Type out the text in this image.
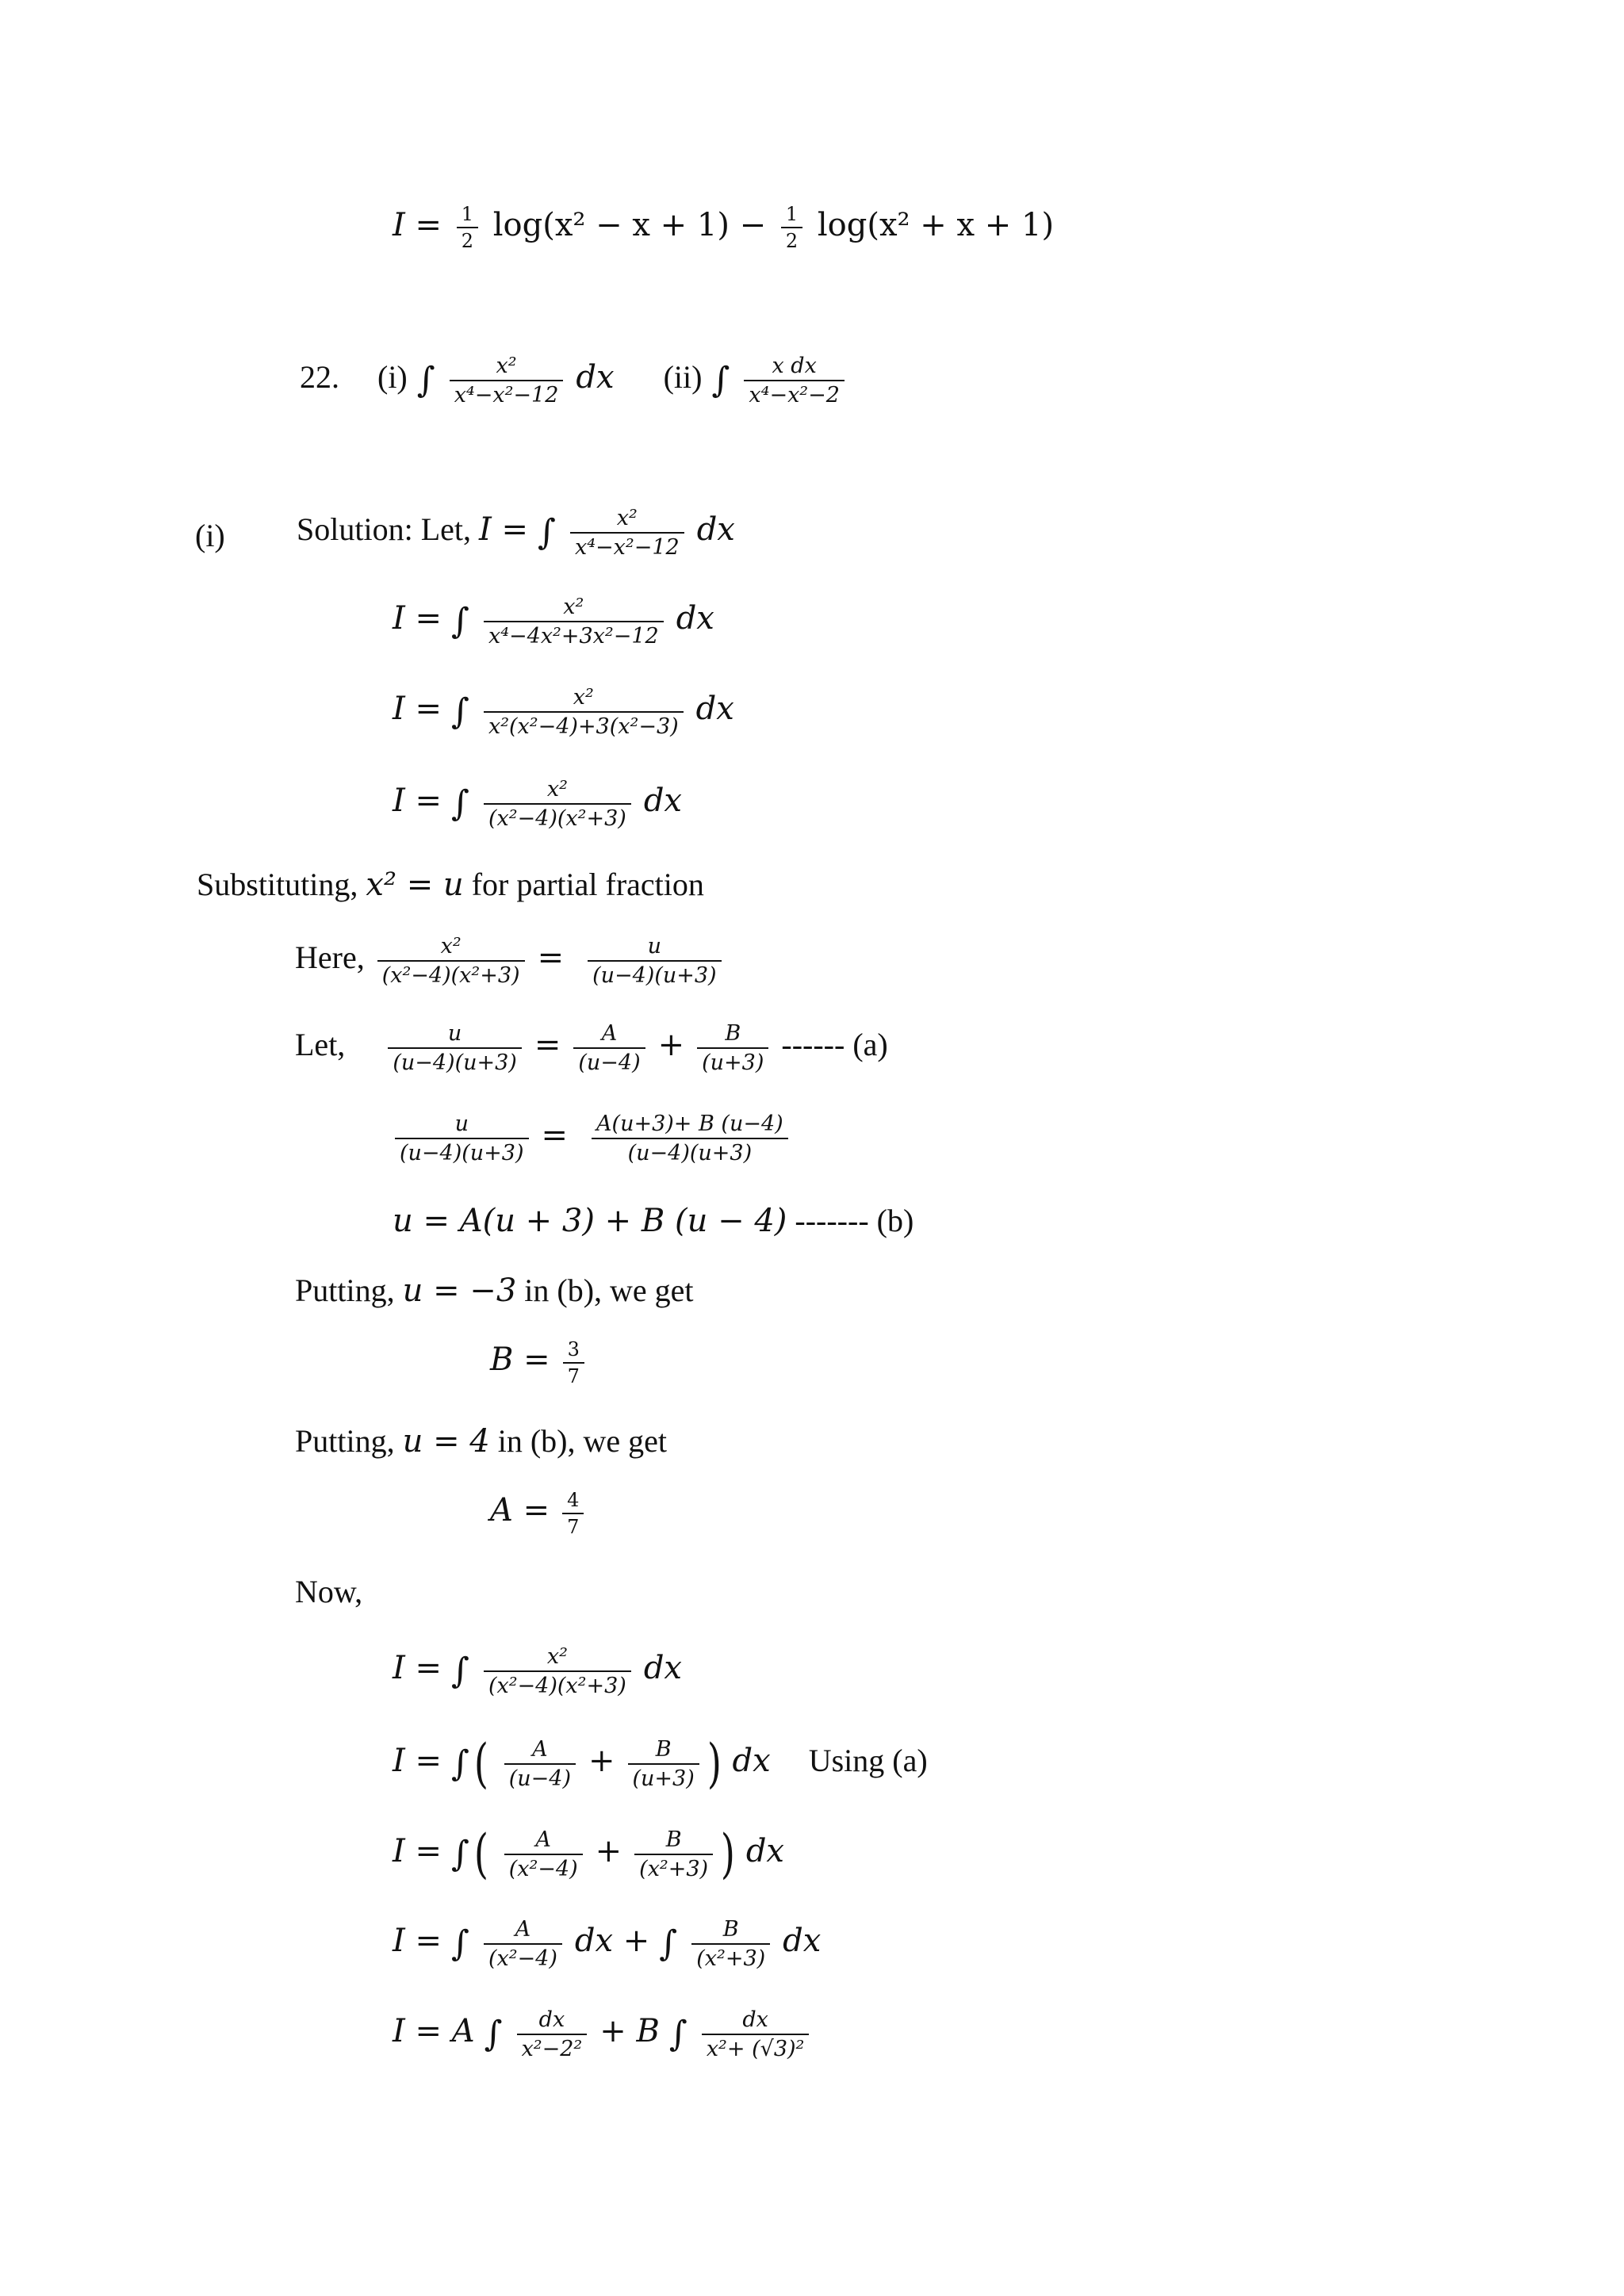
$I = \frac{1}{2} \log(x^2 - x + 1) - \frac{1}{2} \log(x^2 + x + 1)$
22. (i) ∫ $\frac{\text{x²}}{\text{x⁴−x²−12}}$ dx (ii) ∫ $\frac{\text{x dx}}{\text{x⁴−x²−2}}$
(i) Solution: Let, I = ∫ $\frac{\text{x²}}{\text{x⁴−x²−12}}$ dx
I = ∫ $\frac{\text{x²}}{\text{x⁴−4x²+3x²−12}}$ dx
I = ∫ $\frac{\text{x²}}{\text{x²(x²−4)+3(x²−3)}}$ dx
I = ∫ $\frac{\text{x²}}{\text{(x²−4)(x²+3)}}$ dx
Substituting, x² = u for partial fraction
Here, $\frac{\text{x²}}{\text{(x²−4)(x²+3)}} = \frac{u}{(u-4)(u+3)}$
Let, $\frac{u}{(u-4)(u+3)} = \frac{A}{(u-4)} + \frac{B}{(u+3)}$ ------ (a)
$\frac{u}{(u-4)(u+3)} = \frac{A(u+3)+ B (u-4)}{(u-4)(u+3)}$
u = A(u + 3) + B (u − 4) ------- (b)
Putting, u = −3 in (b), we get
$B = \frac{3}{7}$
Putting, u = 4 in (b), we get
$A = \frac{4}{7}$
Now,
I = ∫ $\frac{\text{x²}}{\text{(x²−4)(x²+3)}}$ dx
I = ∫( $\frac{A}{(u-4)} + \frac{B}{(u+3)}$ ) dx Using (a)
I = ∫( $\frac{A}{\text{(x²−4)}} + \frac{B}{\text{(x²+3)}}$ ) dx
I = ∫ $\frac{A}{\text{(x²−4)}}$ dx + ∫ $\frac{B}{\text{(x²+3)}}$ dx
I = A ∫ $\frac{dx}{\text{x²−2²}} + B$ ∫ $\frac{dx}{\text{x²+ (√3)²}}$
